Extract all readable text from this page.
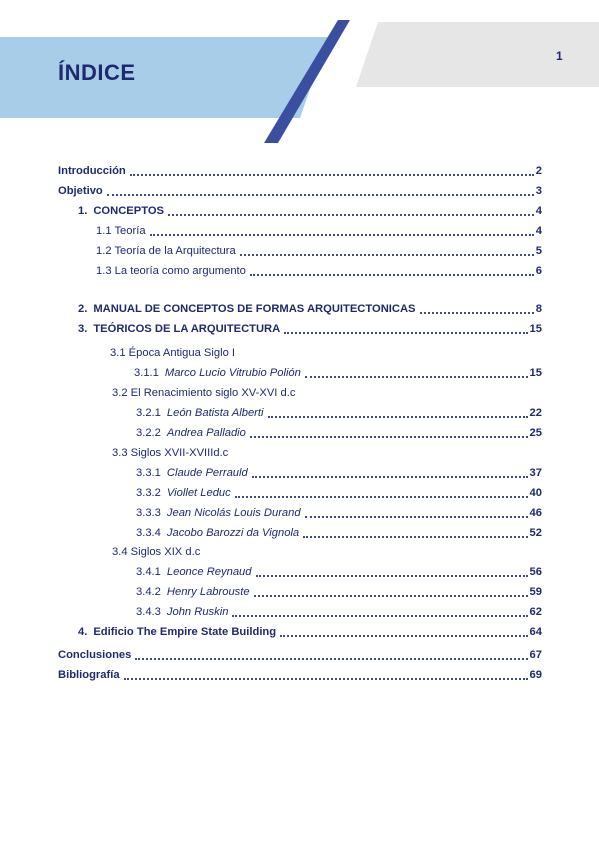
ÍNDICE
1
Introducción	2
Objetivo	3
1. CONCEPTOS	4
1.1 Teoría	4
1.2 Teoría de la Arquitectura	5
1.3 La teoría como argumento	6
2. MANUAL DE CONCEPTOS DE FORMAS ARQUITECTONICAS	8
3. TEÓRICOS DE LA ARQUITECTURA	15
3.1 Época Antigua Siglo I
3.1.1 Marco Lucio Vitrubio Polión	15
3.2 El Renacimiento siglo XV-XVI d.c
3.2.1 León Batista Alberti	22
3.2.2 Andrea Palladio	25
3.3 Siglos XVII-XVIIId.c
3.3.1 Claude Perrauld	37
3.3.2 Viollet Leduc	40
3.3.3 Jean Nicolás Louis Durand	46
3.3.4 Jacobo Barozzi da Vignola	52
3.4 Siglos XIX d.c
3.4.1 Leonce Reynaud	56
3.4.2 Henry Labrouste	59
3.4.3 John Ruskin	62
4. Edificio The Empire State Building	64
Conclusiones	67
Bibliografía	69
